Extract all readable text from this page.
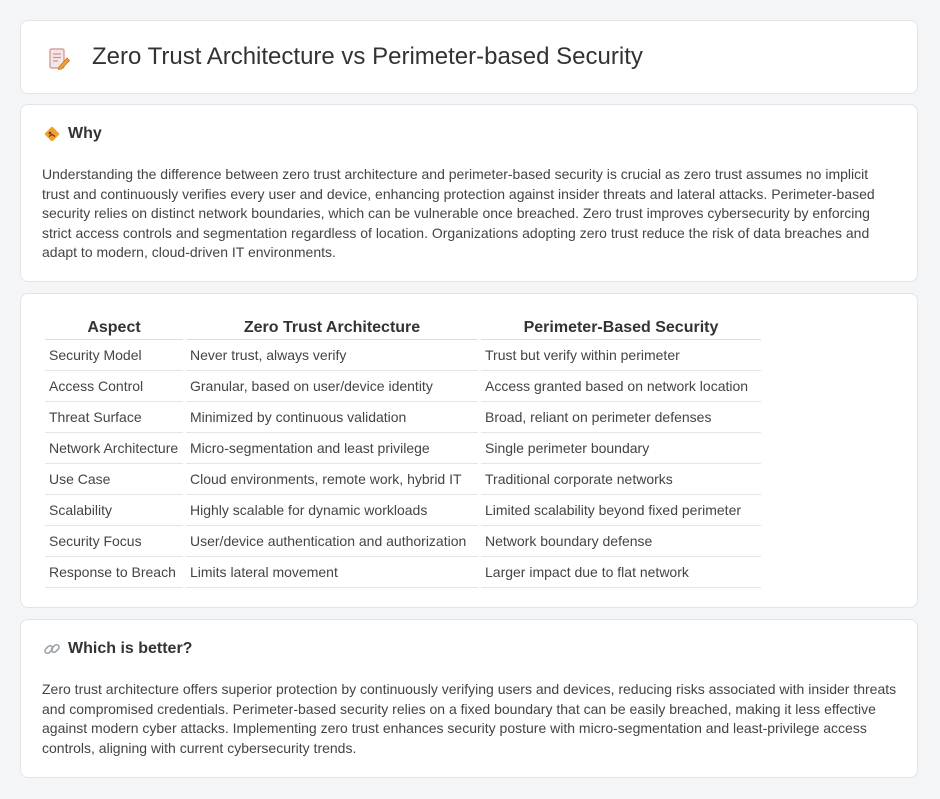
Zero Trust Architecture vs Perimeter-based Security
Why

Understanding the difference between zero trust architecture and perimeter-based security is crucial as zero trust assumes no implicit trust and continuously verifies every user and device, enhancing protection against insider threats and lateral attacks. Perimeter-based security relies on distinct network boundaries, which can be vulnerable once breached. Zero trust improves cybersecurity by enforcing strict access controls and segmentation regardless of location. Organizations adopting zero trust reduce the risk of data breaches and adapt to modern, cloud-driven IT environments.

Aspect	Zero Trust Architecture	Perimeter-Based Security
Security Model	Never trust, always verify	Trust but verify within perimeter
Access Control	Granular, based on user/device identity	Access granted based on network location
Threat Surface	Minimized by continuous validation	Broad, reliant on perimeter defenses
Network Architecture	Micro-segmentation and least privilege	Single perimeter boundary
Use Case	Cloud environments, remote work, hybrid IT	Traditional corporate networks
Scalability	Highly scalable for dynamic workloads	Limited scalability beyond fixed perimeter
Security Focus	User/device authentication and authorization	Network boundary defense
Response to Breach	Limits lateral movement	Larger impact due to flat network
Which is better?

Zero trust architecture offers superior protection by continuously verifying users and devices, reducing risks associated with insider threats and compromised credentials. Perimeter-based security relies on a fixed boundary that can be easily breached, making it less effective against modern cyber attacks. Implementing zero trust enhances security posture with micro-segmentation and least-privilege access controls, aligning with current cybersecurity trends.
